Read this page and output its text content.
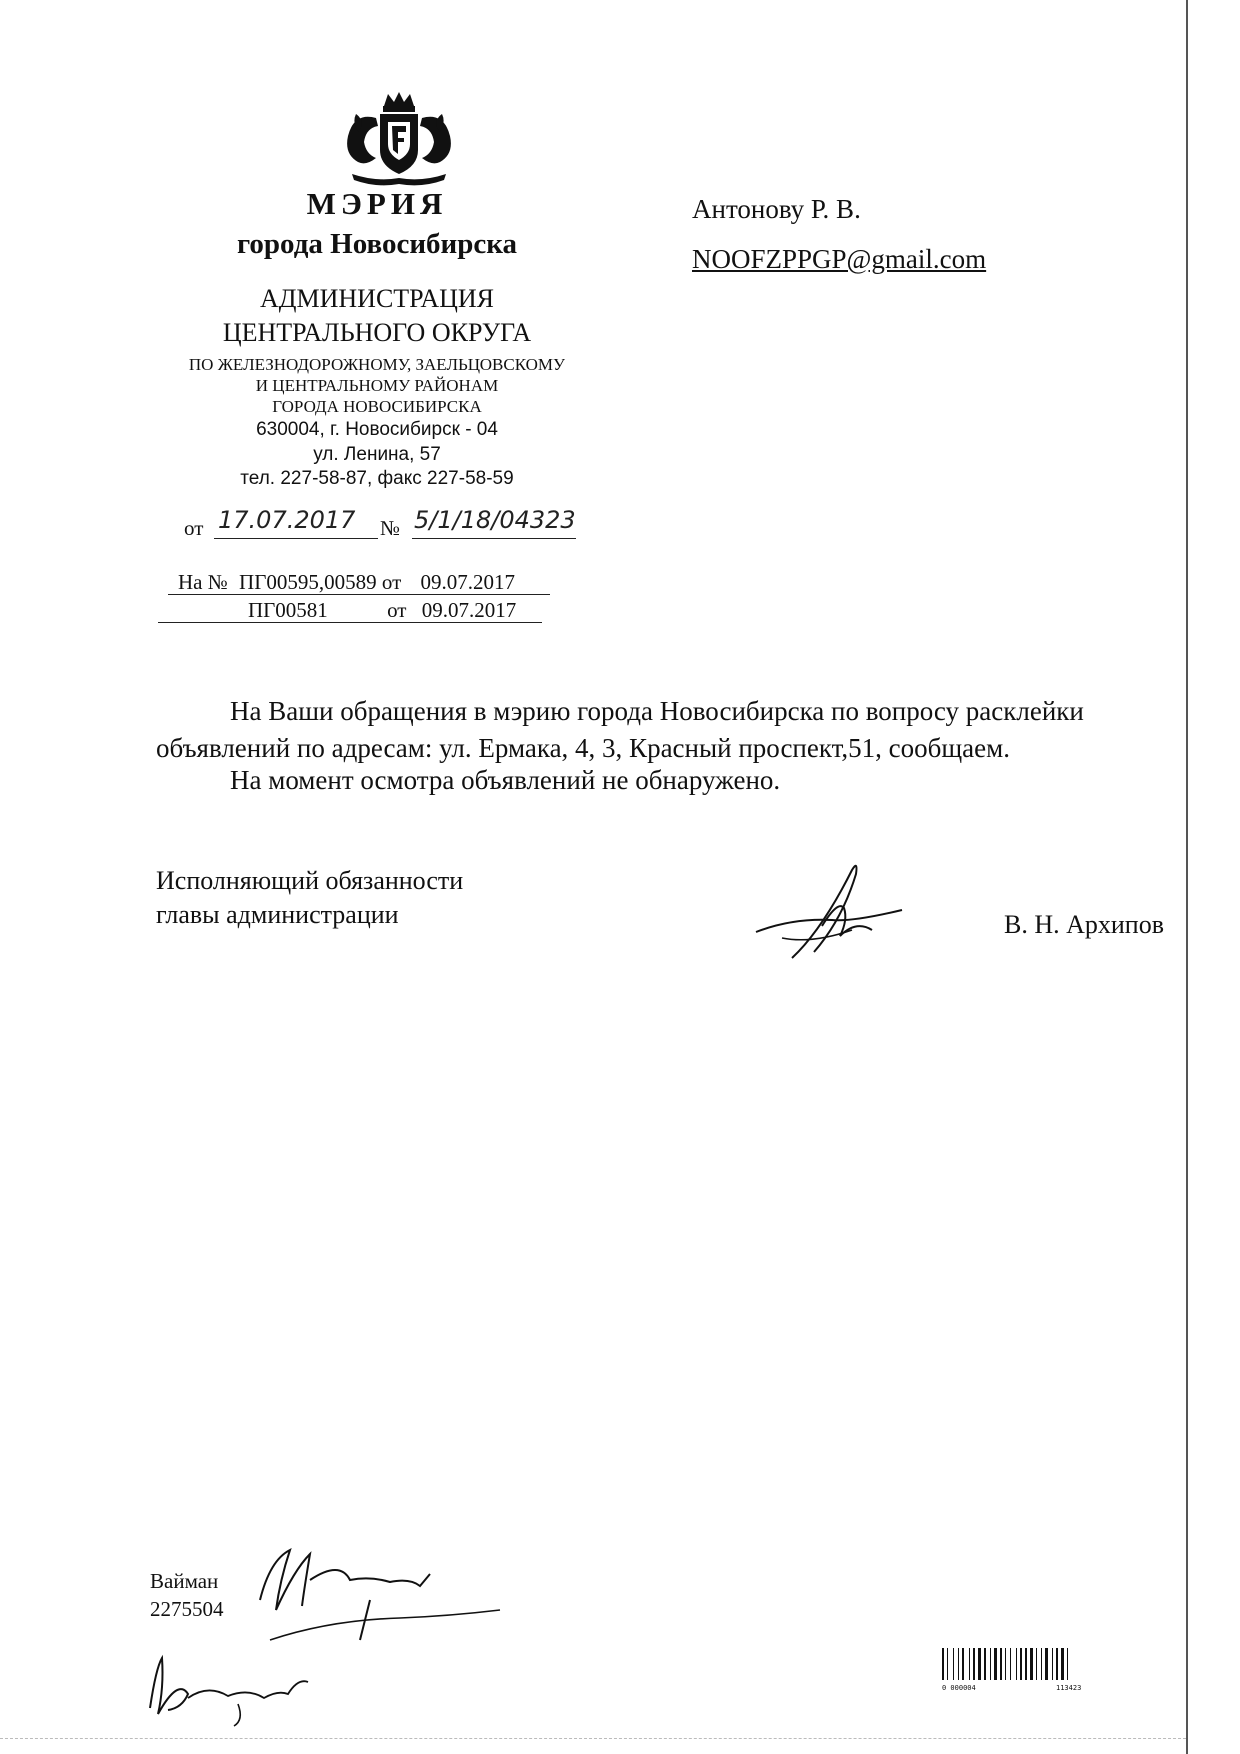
МЭРИЯ
города Новосибирска
АДМИНИСТРАЦИЯ
ЦЕНТРАЛЬНОГО ОКРУГА
ПО ЖЕЛЕЗНОДОРОЖНОМУ, ЗАЕЛЬЦОВСКОМУ
И ЦЕНТРАЛЬНОМУ РАЙОНАМ
ГОРОДА НОВОСИБИРСКА
630004, г. Новосибирск - 04
ул. Ленина, 57
тел. 227-58-87, факс 227-58-59
от 17.07.2017 № 5/1/18/04323
На № ПГ00595,00589 от 09.07.2017
ПГ00581	от 09.07.2017
Антонову Р. В.
NOOFZPPGP@gmail.com
На Ваши обращения в мэрию города Новосибирска по вопросу расклейки
объявлений по адресам: ул. Ермака, 4, 3, Красный проспект,51, сообщаем.
На момент осмотра объявлений не обнаружено.
Исполняющий обязанности
главы администрации	В. Н. Архипов
Вайман
2275504
0 000004	113423
